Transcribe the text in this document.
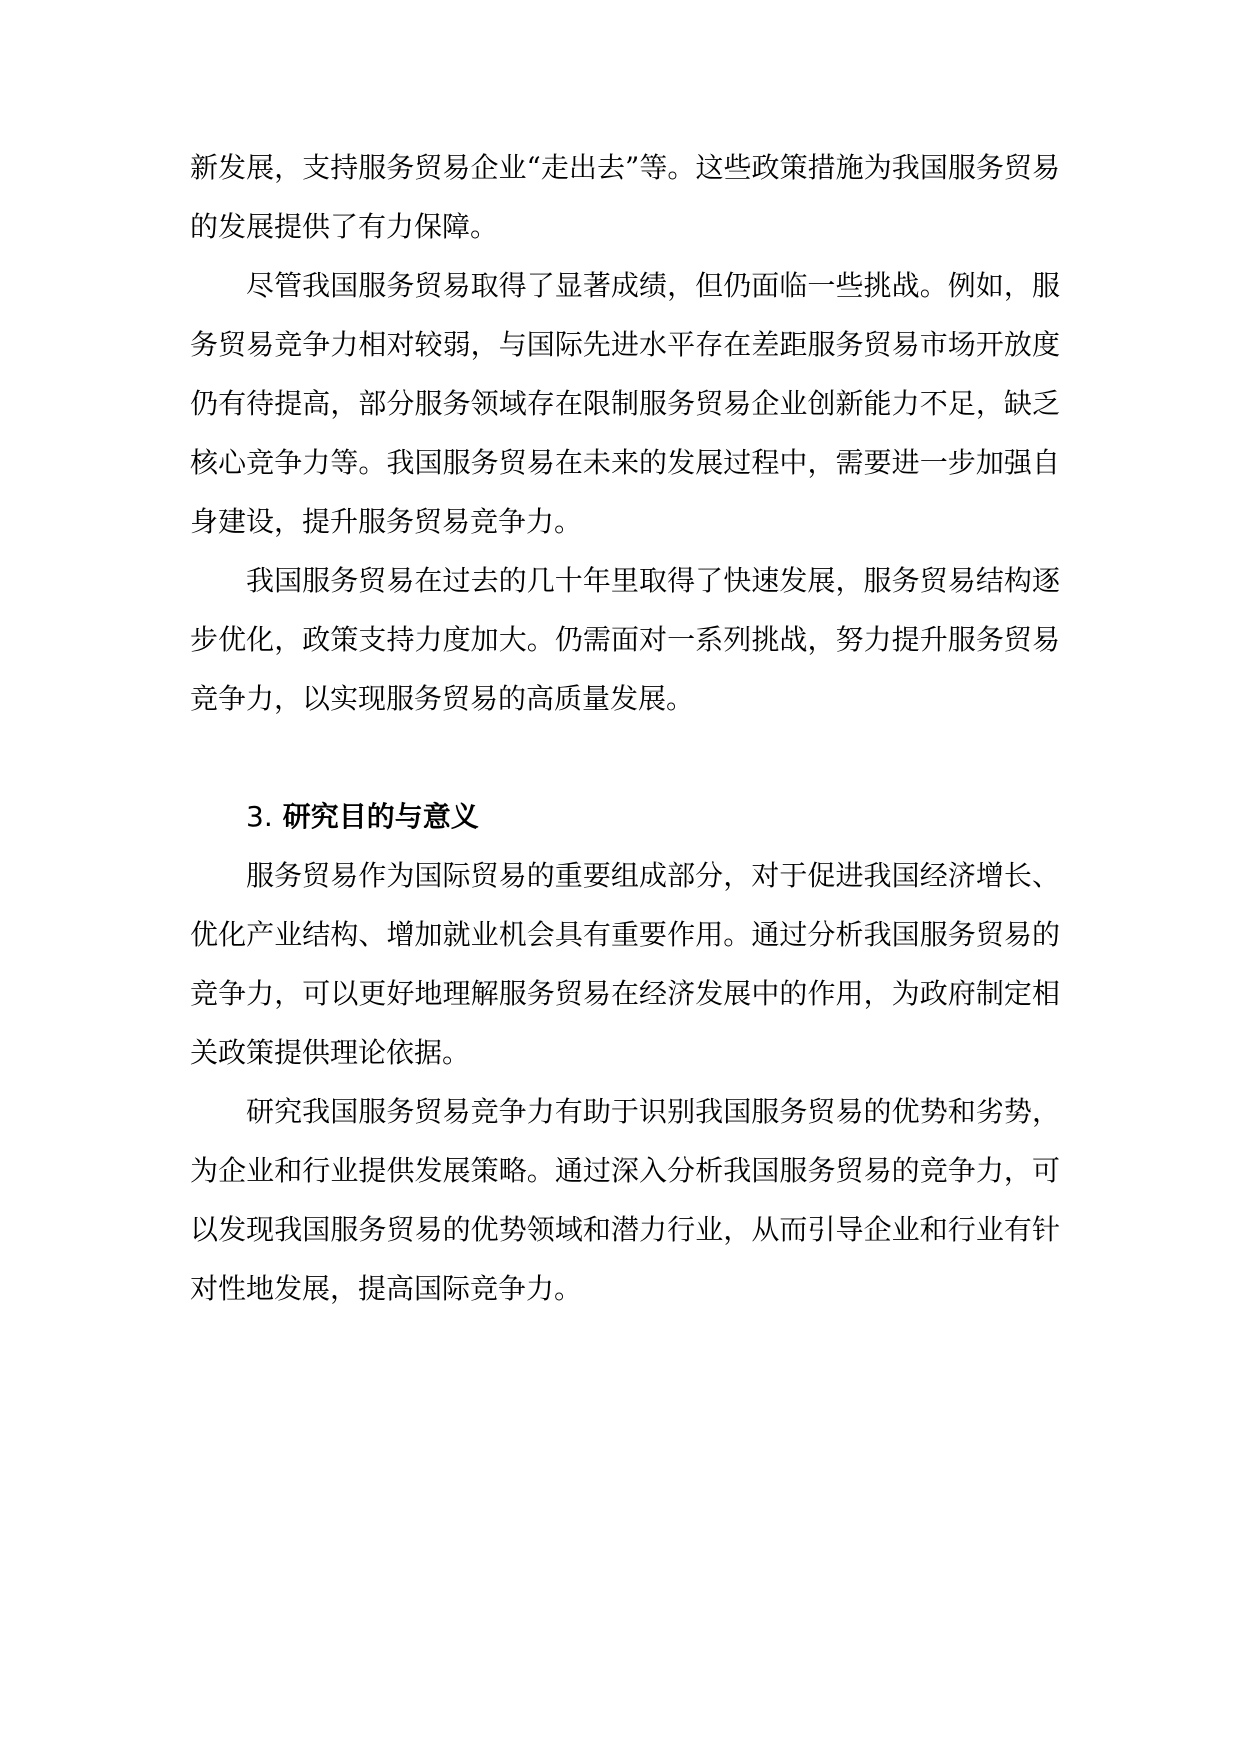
新发展，支持服务贸易企业“走出去”等。这些政策措施为我国服务贸易的发展提供了有力保障。

尽管我国服务贸易取得了显著成绩，但仍面临一些挑战。例如，服务贸易竞争力相对较弱，与国际先进水平存在差距服务贸易市场开放度仍有待提高，部分服务领域存在限制服务贸易企业创新能力不足，缺乏核心竞争力等。我国服务贸易在未来的发展过程中，需要进一步加强自身建设，提升服务贸易竞争力。

我国服务贸易在过去的几十年里取得了快速发展，服务贸易结构逐步优化，政策支持力度加大。仍需面对一系列挑战，努力提升服务贸易竞争力，以实现服务贸易的高质量发展。

3. 研究目的与意义

服务贸易作为国际贸易的重要组成部分，对于促进我国经济增长、优化产业结构、增加就业机会具有重要作用。通过分析我国服务贸易的竞争力，可以更好地理解服务贸易在经济发展中的作用，为政府制定相关政策提供理论依据。

研究我国服务贸易竞争力有助于识别我国服务贸易的优势和劣势，为企业和行业提供发展策略。通过深入分析我国服务贸易的竞争力，可以发现我国服务贸易的优势领域和潜力行业，从而引导企业和行业有针对性地发展，提高国际竞争力。
